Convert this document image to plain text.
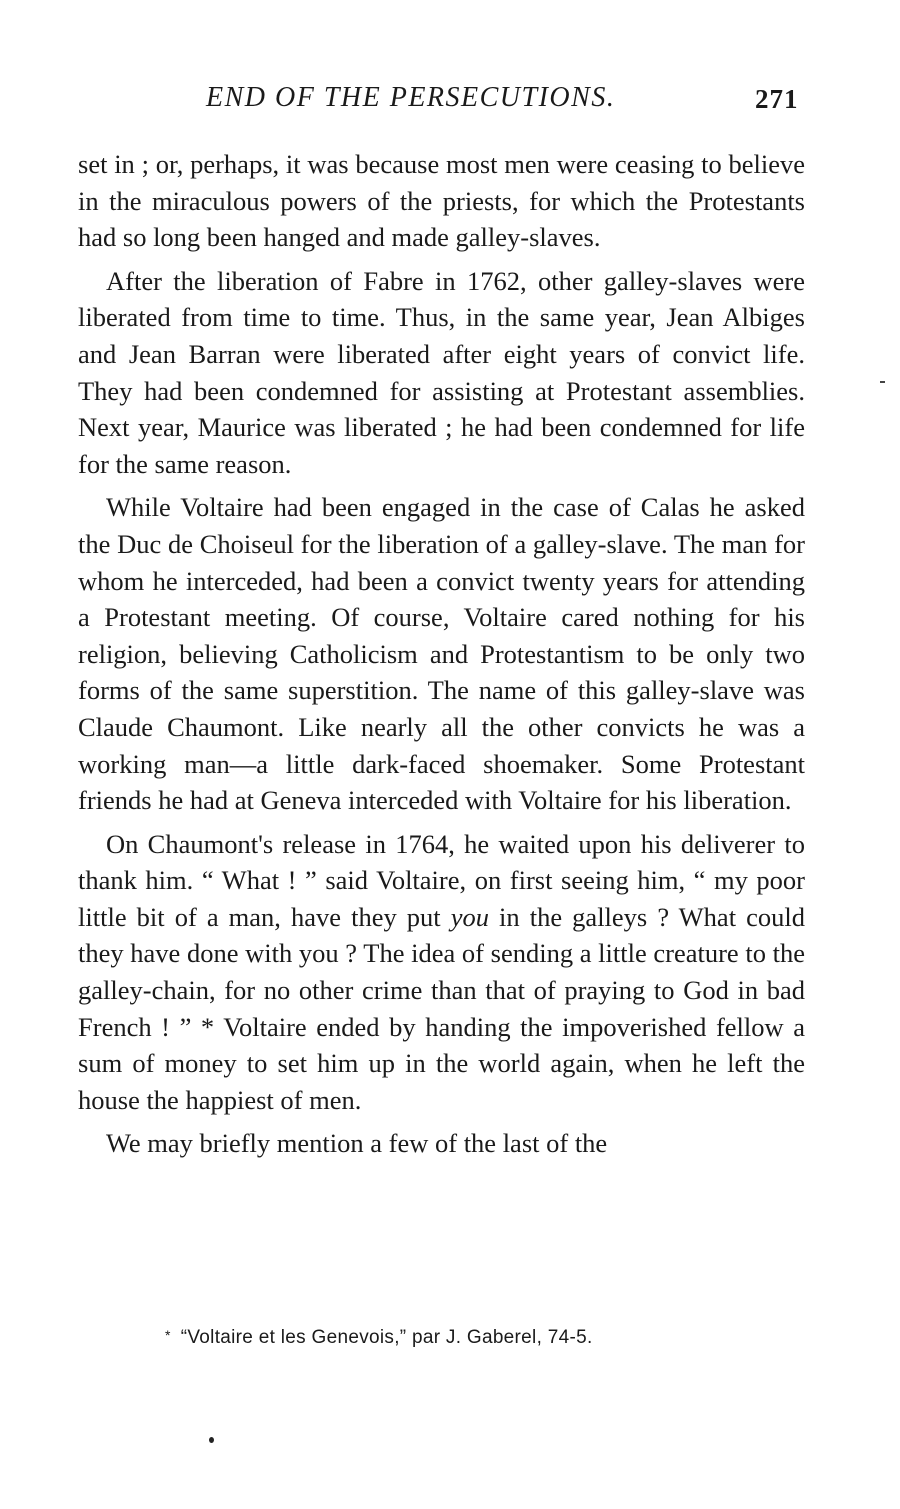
END OF THE PERSECUTIONS.	271

set in ; or, perhaps, it was because most men were ceasing to believe in the miraculous powers of the priests, for which the Protestants had so long been hanged and made galley-slaves.

After the liberation of Fabre in 1762, other galley-slaves were liberated from time to time. Thus, in the same year, Jean Albiges and Jean Barran were liberated after eight years of convict life. They had been condemned for assisting at Protestant assemblies. Next year, Maurice was liberated ; he had been condemned for life for the same reason.

While Voltaire had been engaged in the case of Calas he asked the Duc de Choiseul for the liberation of a galley-slave. The man for whom he interceded, had been a convict twenty years for attending a Protestant meeting. Of course, Voltaire cared nothing for his religion, believing Catholicism and Protestantism to be only two forms of the same superstition. The name of this galley-slave was Claude Chaumont. Like nearly all the other convicts he was a working man—a little dark-faced shoemaker. Some Protestant friends he had at Geneva interceded with Voltaire for his liberation.

On Chaumont's release in 1764, he waited upon his deliverer to thank him. “ What ! ” said Voltaire, on first seeing him, “ my poor little bit of a man, have they put you in the galleys ? What could they have done with you ? The idea of sending a little creature to the galley-chain, for no other crime than that of praying to God in bad French ! ” * Voltaire ended by handing the impoverished fellow a sum of money to set him up in the world again, when he left the house the happiest of men.

We may briefly mention a few of the last of the

* “Voltaire et les Genevois,” par J. Gaberel, 74-5.
